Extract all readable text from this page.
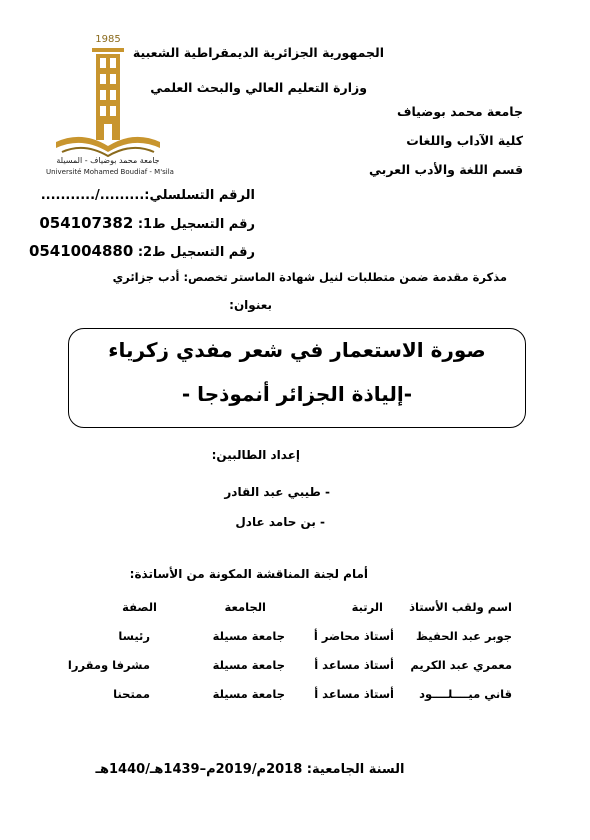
1985
جامعة محمد بوضياف - المسيلة
Université Mohamed Boudiaf - M'sila
الجمهورية الجزائرية الديمقراطية الشعبية
وزارة التعليم العالي والبحث العلمي
جامعة محمد بوضياف
كلية الآداب واللغات
قسم اللغة والأدب العربي
الرقم التسلسلي:........./...........
رقم التسجيل ط1: 054107382
رقم التسجيل ط2: 0541004880
مذكرة مقدمة ضمن متطلبات لنيل شهادة الماستر تخصص: أدب جزائري
بعنوان:
صورة الاستعمار في شعر مفدي زكرياء
-إلياذة الجزائر أنموذجا -
إعداد الطالبين:
- طيبي عبد القادر
- بن حامد عادل
أمام لجنة المناقشة المكونة من الأساتذة:
اسم ولقب الأستاذ
الرتبة
الجامعة
الصفة
جوبر عبد الحفيظ
أستاذ محاضر أ
جامعة مسيلة
رئيسا
معمري عبد الكريم
أستاذ مساعد أ
جامعة مسيلة
مشرفا ومقررا
قاني ميــــلــــود
أستاذ مساعد أ
جامعة مسيلة
ممتحنا
السنة الجامعية: 2018م/2019م–1439هـ/1440هـ
